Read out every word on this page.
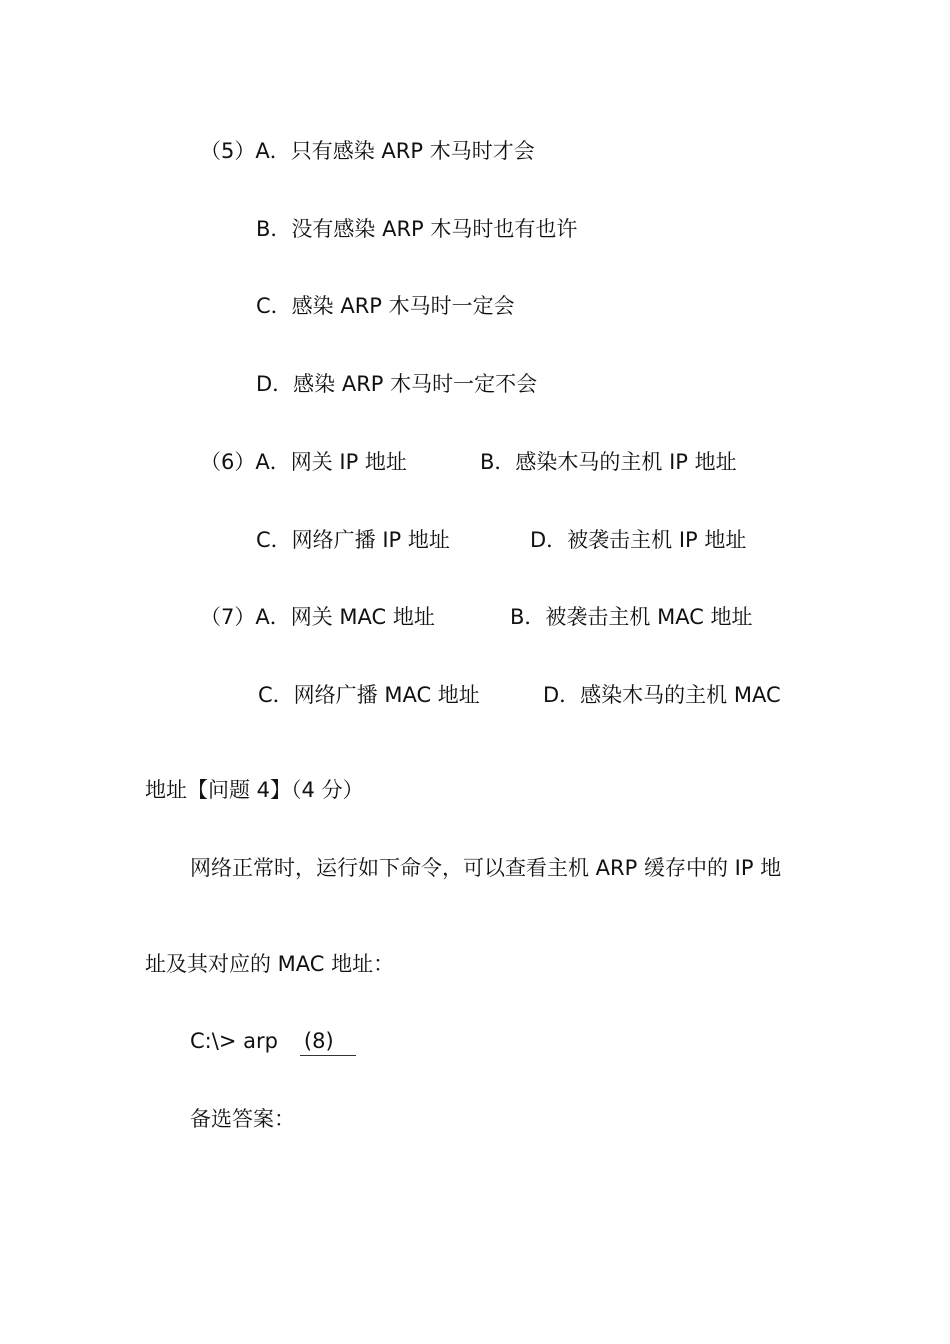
（5）A．只有感染 ARP 木马时才会
B．没有感染 ARP 木马时也有也许
C．感染 ARP 木马时一定会
D．感染 ARP 木马时一定不会
（6）A．网关 IP 地址	B．感染木马的主机 IP 地址
C．网络广播 IP 地址	D．被袭击主机 IP 地址
（7）A．网关 MAC 地址	B．被袭击主机 MAC 地址
C．网络广播 MAC 地址	D．感染木马的主机 MAC
地址【问题 4】（4 分）
网络正常时，运行如下命令，可以查看主机 ARP 缓存中的 IP 地
址及其对应的 MAC 地址：
C:\> arp (8)
备选答案：
